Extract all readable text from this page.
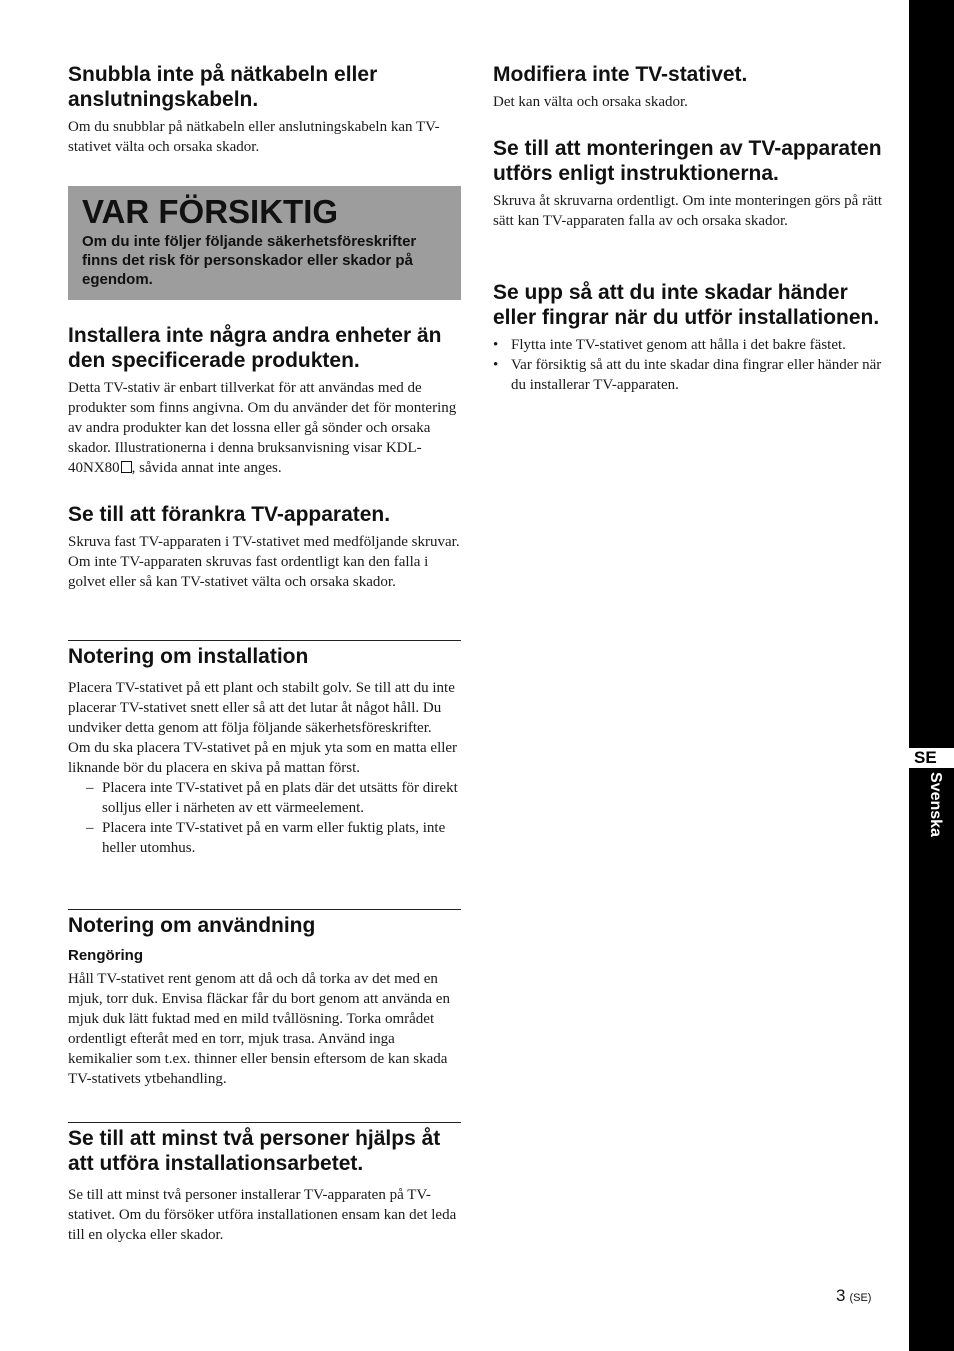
Snubbla inte på nätkabeln eller anslutningskabeln.

Om du snubblar på nätkabeln eller anslutningskabeln kan TV-stativet välta och orsaka skador.

VAR FÖRSIKTIG
Om du inte följer följande säkerhetsföreskrifter finns det risk för personskador eller skador på egendom.
Installera inte några andra enheter än den specificerade produkten.

Detta TV-stativ är enbart tillverkat för att användas med de produkter som finns angivna. Om du använder det för montering av andra produkter kan det lossna eller gå sönder och orsaka skador. Illustrationerna i denna bruksanvisning visar KDL-40NX80 , såvida annat inte anges.

Se till att förankra TV-apparaten.

Skruva fast TV-apparaten i TV-stativet med medföljande skruvar. Om inte TV-apparaten skruvas fast ordentligt kan den falla i golvet eller så kan TV-stativet välta och orsaka skador.

Notering om installation

Placera TV-stativet på ett plant och stabilt golv. Se till att du inte placerar TV-stativet snett eller så att det lutar åt något håll. Du undviker detta genom att följa följande säkerhetsföreskrifter.

Om du ska placera TV-stativet på en mjuk yta som en matta eller liknande bör du placera en skiva på mattan först.

– Placera inte TV-stativet på en plats där det utsätts för direkt solljus eller i närheten av ett värmeelement.
– Placera inte TV-stativet på en varm eller fuktig plats, inte heller utomhus.
Notering om användning
Rengöring

Håll TV-stativet rent genom att då och då torka av det med en mjuk, torr duk. Envisa fläckar får du bort genom att använda en mjuk duk lätt fuktad med en mild tvållösning. Torka området ordentligt efteråt med en torr, mjuk trasa. Använd inga kemikalier som t.ex. thinner eller bensin eftersom de kan skada TV-stativets ytbehandling.

Se till att minst två personer hjälps åt att utföra installationsarbetet.

Se till att minst två personer installerar TV-apparaten på TV-stativet. Om du försöker utföra installationen ensam kan det leda till en olycka eller skador.

Modifiera inte TV-stativet.

Det kan välta och orsaka skador.

Se till att monteringen av TV-apparaten utförs enligt instruktionerna.

Skruva åt skruvarna ordentligt. Om inte monteringen görs på rätt sätt kan TV-apparaten falla av och orsaka skador.

Se upp så att du inte skadar händer eller fingrar när du utför installationen.
• Flytta inte TV-stativet genom att hålla i det bakre fästet.
• Var försiktig så att du inte skadar dina fingrar eller händer när du installerar TV-apparaten.
SE
Svenska
3 (SE)
